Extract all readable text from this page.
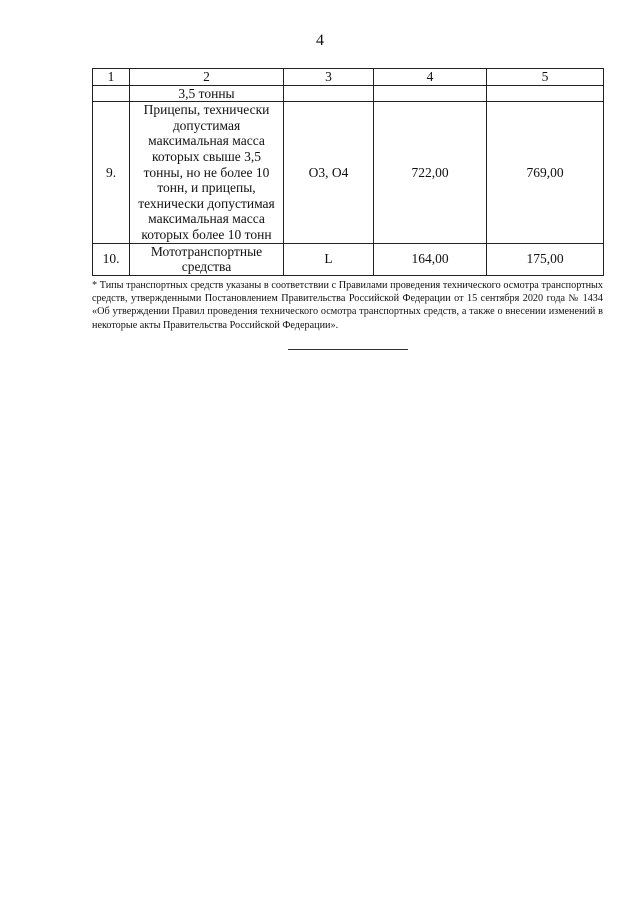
4
1	2	3	4	5
	3,5 тонны			
9.	Прицепы, технически допустимая максимальная масса которых свыше 3,5 тонны, но не более 10 тонн, и прицепы, технически допустимая максимальная масса которых более 10 тонн	О3, О4	722,00	769,00
10.	Мототранспортные средства	L	164,00	175,00
* Типы транспортных средств указаны в соответствии с Правилами проведения технического осмотра транспортных средств, утвержденными Постановлением Правительства Российской Федерации от 15 сентября 2020 года № 1434 «Об утверждении Правил проведения технического осмотра транспортных средств, а также о внесении изменений в некоторые акты Правительства Российской Федерации».
